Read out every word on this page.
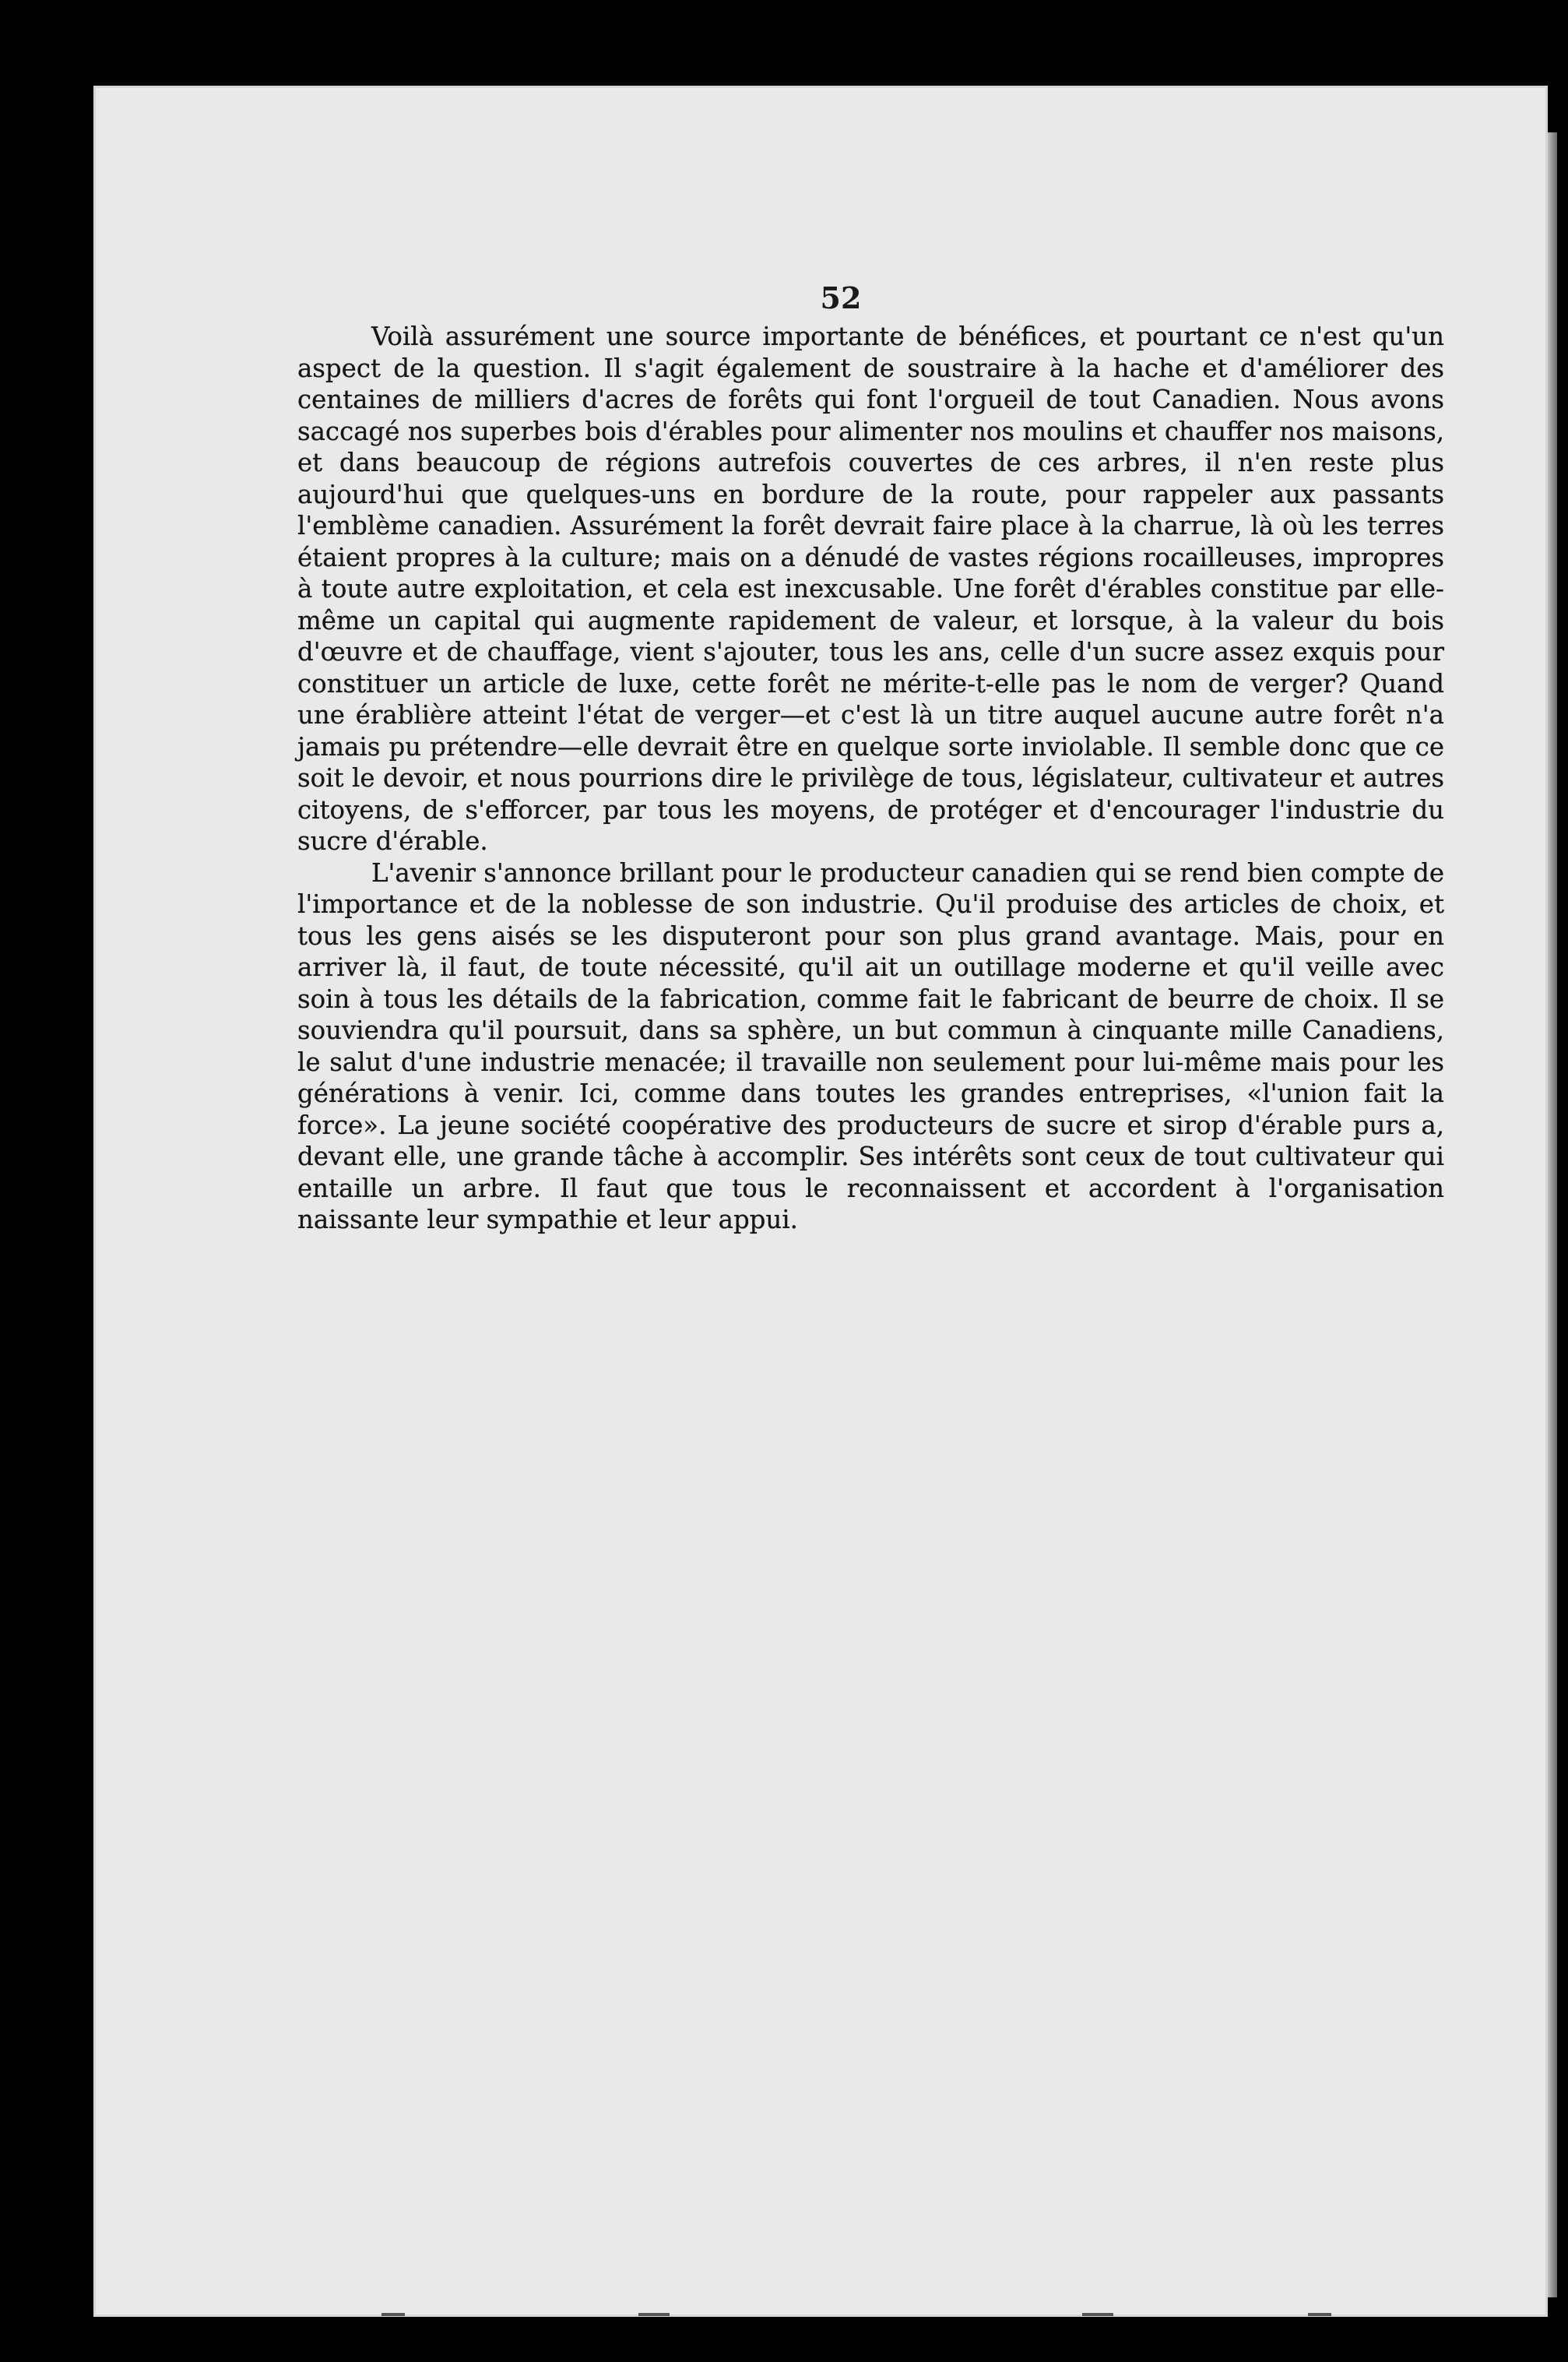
52

Voilà assurément une source importante de bénéfices, et pourtant ce n'est qu'un aspect de la question. Il s'agit également de soustraire à la hache et d'améliorer des centaines de milliers d'acres de forêts qui font l'orgueil de tout Canadien. Nous avons saccagé nos superbes bois d'érables pour alimenter nos moulins et chauffer nos maisons, et dans beaucoup de régions autrefois couvertes de ces arbres, il n'en reste plus aujourd'hui que quelques-uns en bordure de la route, pour rappeler aux passants l'emblème canadien. Assurément la forêt devrait faire place à la charrue, là où les terres étaient propres à la culture; mais on a dénudé de vastes régions rocailleuses, impropres à toute autre exploitation, et cela est inexcusable. Une forêt d'érables constitue par elle-même un capital qui augmente rapidement de valeur, et lorsque, à la valeur du bois d'œuvre et de chauffage, vient s'ajouter, tous les ans, celle d'un sucre assez exquis pour constituer un article de luxe, cette forêt ne mérite-t-elle pas le nom de verger? Quand une érablière atteint l'état de verger—et c'est là un titre auquel aucune autre forêt n'a jamais pu prétendre—elle devrait être en quelque sorte inviolable. Il semble donc que ce soit le devoir, et nous pourrions dire le privilège de tous, législateur, cultivateur et autres citoyens, de s'efforcer, par tous les moyens, de protéger et d'encourager l'industrie du sucre d'érable.

L'avenir s'annonce brillant pour le producteur canadien qui se rend bien compte de l'importance et de la noblesse de son industrie. Qu'il produise des articles de choix, et tous les gens aisés se les disputeront pour son plus grand avantage. Mais, pour en arriver là, il faut, de toute nécessité, qu'il ait un outillage moderne et qu'il veille avec soin à tous les détails de la fabrication, comme fait le fabricant de beurre de choix. Il se souviendra qu'il poursuit, dans sa sphère, un but commun à cinquante mille Canadiens, le salut d'une industrie menacée; il travaille non seulement pour lui-même mais pour les générations à venir. Ici, comme dans toutes les grandes entreprises, «l'union fait la force». La jeune société coopérative des producteurs de sucre et sirop d'érable purs a, devant elle, une grande tâche à accomplir. Ses intérêts sont ceux de tout cultivateur qui entaille un arbre. Il faut que tous le reconnaissent et accordent à l'organisation naissante leur sympathie et leur appui.
